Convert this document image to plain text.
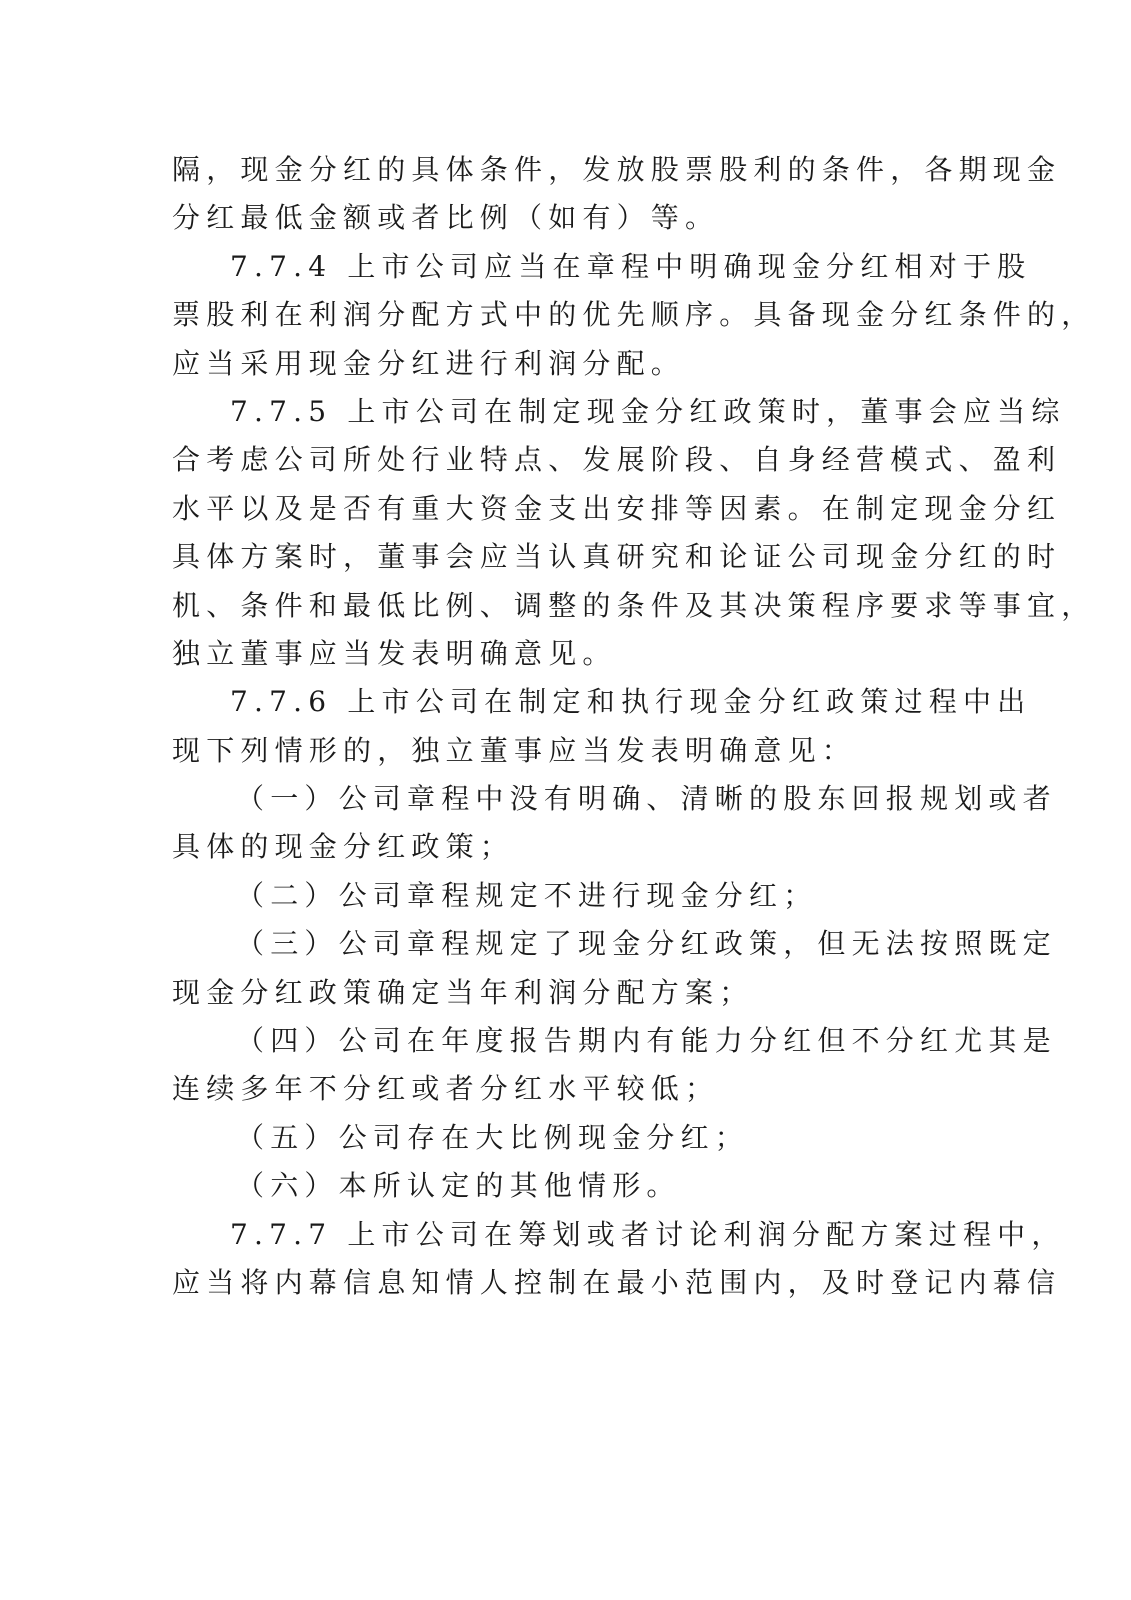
隔，现金分红的具体条件，发放股票股利的条件，各期现金
分红最低金额或者比例（如有）等。
7.7.4 上市公司应当在章程中明确现金分红相对于股
票股利在利润分配方式中的优先顺序。具备现金分红条件的，
应当采用现金分红进行利润分配。
7.7.5 上市公司在制定现金分红政策时，董事会应当综
合考虑公司所处行业特点、发展阶段、自身经营模式、盈利
水平以及是否有重大资金支出安排等因素。在制定现金分红
具体方案时，董事会应当认真研究和论证公司现金分红的时
机、条件和最低比例、调整的条件及其决策程序要求等事宜，
独立董事应当发表明确意见。
7.7.6 上市公司在制定和执行现金分红政策过程中出
现下列情形的，独立董事应当发表明确意见：
（一）公司章程中没有明确、清晰的股东回报规划或者
具体的现金分红政策；
（二）公司章程规定不进行现金分红；
（三）公司章程规定了现金分红政策，但无法按照既定
现金分红政策确定当年利润分配方案；
（四）公司在年度报告期内有能力分红但不分红尤其是
连续多年不分红或者分红水平较低；
（五）公司存在大比例现金分红；
（六）本所认定的其他情形。
7.7.7 上市公司在筹划或者讨论利润分配方案过程中，
应当将内幕信息知情人控制在最小范围内，及时登记内幕信
